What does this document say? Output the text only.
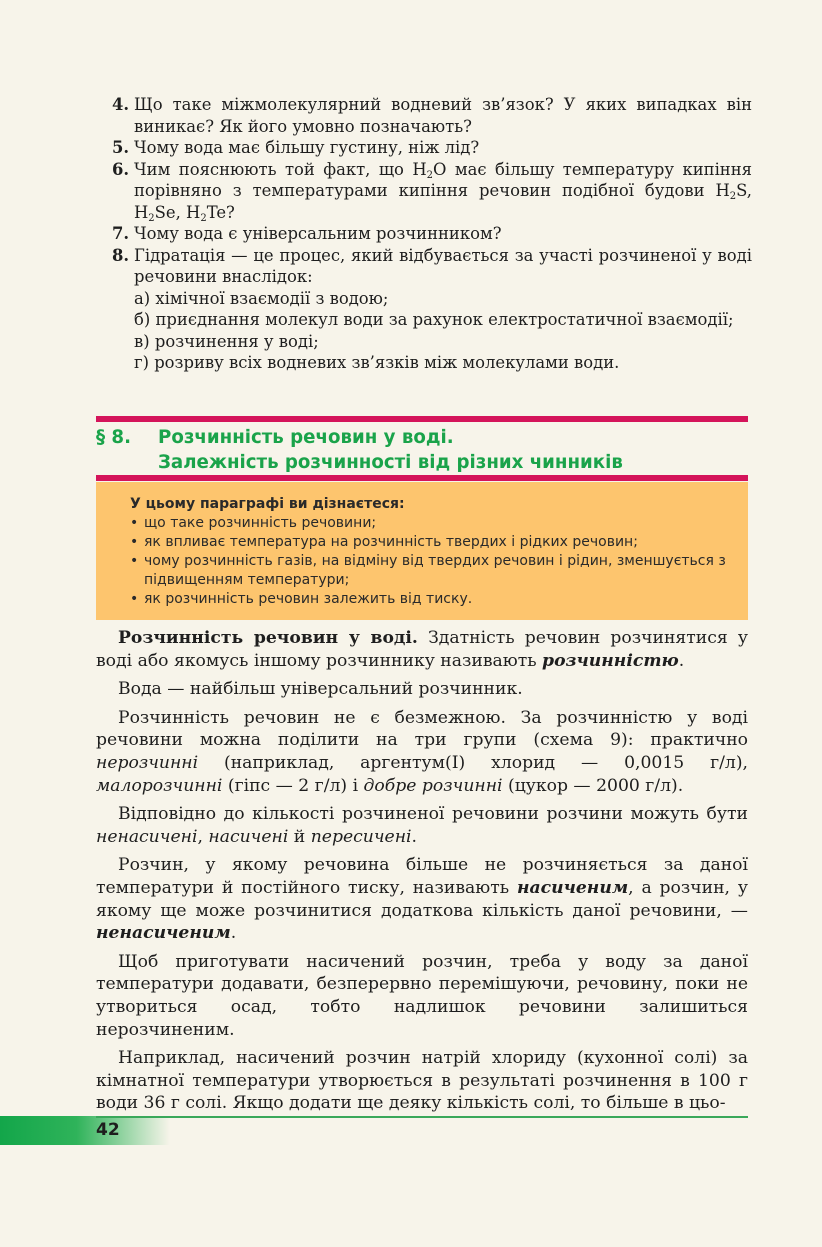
4. Що таке міжмолекулярний водневий зв’язок? У яких випадках він виникає? Як його умовно позначають?
5. Чому вода має більшу густину, ніж лід?
6. Чим пояснюють той факт, що $H_2O$ має більшу температуру кипіння порівняно з температурами кипіння речовин подібної будови $H_2S$, $H_2Se$, $H_2Te$?
7. Чому вода є універсальним розчинником?
8. Гідратація — це процес, який відбувається за участі розчиненої у воді речовини внаслідок:
а) хімічної взаємодії з водою;
б) приєднання молекул води за рахунок електростатичної взаємодії;
в) розчинення у воді;
г) розриву всіх водневих зв’язків між молекулами води.
§ 8.	Розчинність речовин у воді.
Залежність розчинності від різних чинників
У цьому параграфі ви дізнаєтеся:
• що таке розчинність речовини;
• як впливає температура на розчинність твердих і рідких речовин;
• чому розчинність газів, на відміну від твердих речовин і рідин, зменшується з підвищенням температури;
• як розчинність речовин залежить від тиску.

Розчинність речовин у воді. Здатність речовин розчинятися у воді або якомусь іншому розчиннику називають розчинністю.

Вода — найбільш універсальний розчинник.

Розчинність речовин не є безмежною. За розчинністю у воді речовини можна поділити на три групи (схема 9): практично нерозчинні (наприклад, аргентум(I) хлорид — 0,0015 г/л), малорозчинні (гіпс — 2 г/л) і добре розчинні (цукор — 2000 г/л).

Відповідно до кількості розчиненої речовини розчини можуть бути ненасичені, насичені й пересичені.

Розчин, у якому речовина більше не розчиняється за даної температури й постійного тиску, називають насиченим, а розчин, у якому ще може розчинитися додаткова кількість даної речовини, — ненасиченим.

Щоб приготувати насичений розчин, треба у воду за даної температури додавати, безперервно перемішуючи, речовину, поки не утвориться осад, тобто надлишок речовини залишиться нерозчиненим.

Наприклад, насичений розчин натрій хлориду (кухонної солі) за кімнатної температури утворюється в результаті розчинення в 100 г води 36 г солі. Якщо додати ще деяку кількість солі, то більше в цьо-

42
